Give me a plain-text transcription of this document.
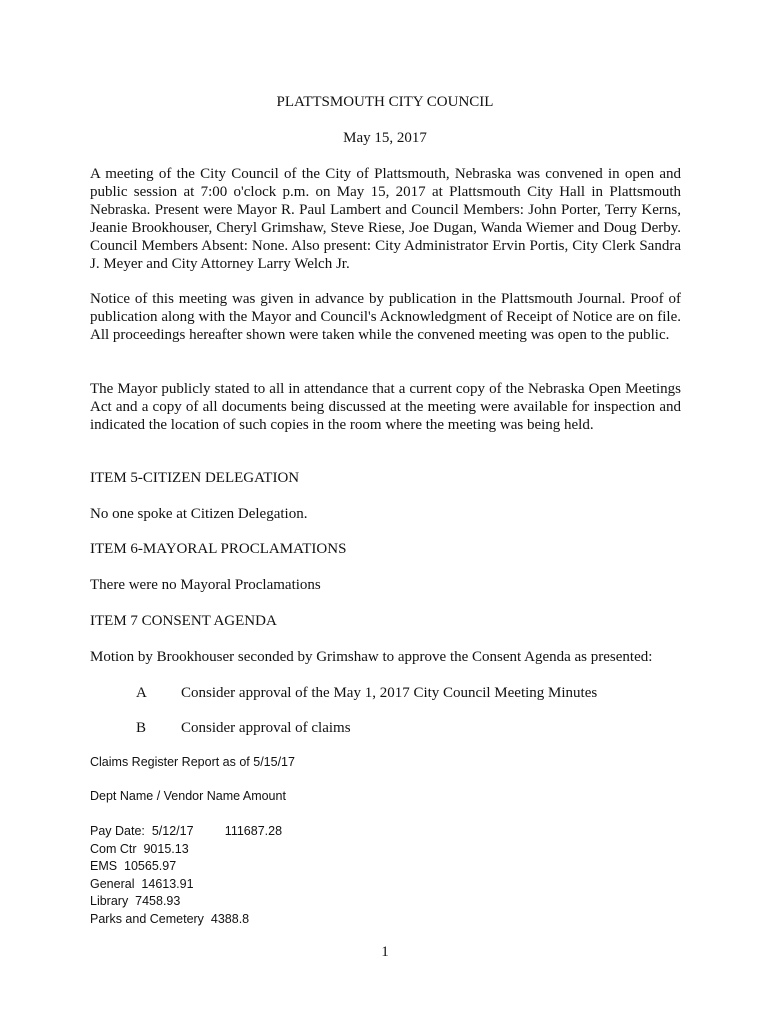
PLATTSMOUTH CITY COUNCIL
May 15, 2017

A meeting of the City Council of the City of Plattsmouth, Nebraska was convened in open and public session at 7:00 o'clock p.m. on May 15, 2017 at Plattsmouth City Hall in Plattsmouth Nebraska. Present were Mayor R. Paul Lambert and Council Members: John Porter, Terry Kerns, Jeanie Brookhouser, Cheryl Grimshaw, Steve Riese, Joe Dugan, Wanda Wiemer and Doug Derby. Council Members Absent: None. Also present: City Administrator Ervin Portis, City Clerk Sandra J. Meyer and City Attorney Larry Welch Jr.

Notice of this meeting was given in advance by publication in the Plattsmouth Journal. Proof of publication along with the Mayor and Council's Acknowledgment of Receipt of Notice are on file. All proceedings hereafter shown were taken while the convened meeting was open to the public.

The Mayor publicly stated to all in attendance that a current copy of the Nebraska Open Meetings Act and a copy of all documents being discussed at the meeting were available for inspection and indicated the location of such copies in the room where the meeting was being held.

ITEM 5-CITIZEN DELEGATION
No one spoke at Citizen Delegation.
ITEM 6-MAYORAL PROCLAMATIONS
There were no Mayoral Proclamations
ITEM 7 CONSENT AGENDA
Motion by Brookhouser seconded by Grimshaw to approve the Consent Agenda as presented:
A Consider approval of the May 1, 2017 City Council Meeting Minutes
B Consider approval of claims
Claims Register Report as of 5/15/17
Dept Name / Vendor Name Amount
Pay Date:  5/12/17         111687.28
Com Ctr  9015.13
EMS  10565.97
General  14613.91
Library  7458.93
Parks and Cemetery  4388.8
1
